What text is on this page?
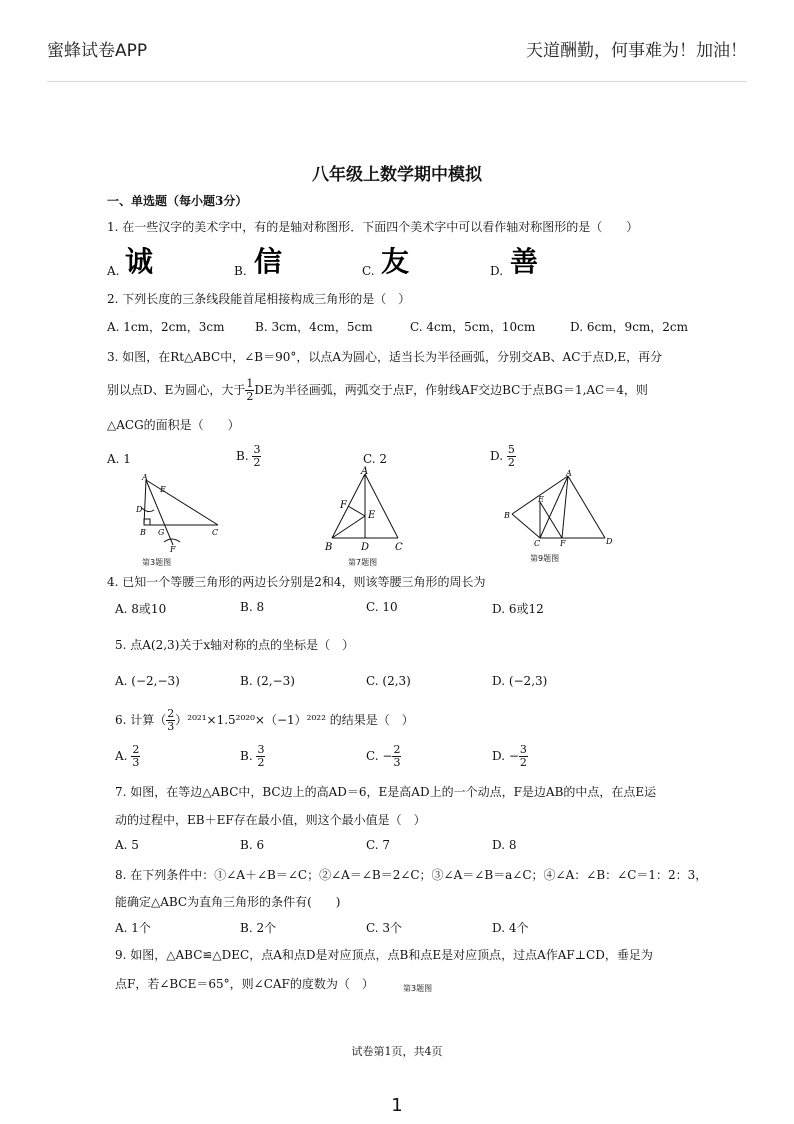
蜜蜂试卷APP	天道酬勤，何事难为！加油！
八年级上数学期中模拟
一、单选题（每小题3分）
1. 在一些汉字的美术字中，有的是轴对称图形．下面四个美术字中可以看作轴对称图形的是（　　）
A. 诚	B. 信	C. 友	D. 善
2. 下列长度的三条线段能首尾相接构成三角形的是（　）
A. 1cm，2cm，3cm	B. 3cm，4cm，5cm	C. 4cm，5cm，10cm	D. 6cm，9cm，2cm
3. 如图，在Rt△ABC中，∠B＝90°，以点A为圆心，适当长为半径画弧，分别交AB、AC于点D,E，再分
别以点D、E为圆心，大于 $\frac{1}{2}$ DE为半径画弧，两弧交于点F，作射线AF交边BC于点BG＝1,AC＝4，则
△ACG的面积是（　　）
A. 1	B. $\frac{3}{2}$	C. 2	D. $\frac{5}{2}$
A
E
D
B G	C
F
第3题图
A
F
E
B	D	C
第7题图
A
E
B
C F	D
第9题图
4. 已知一个等腰三角形的两边长分别是2和4，则该等腰三角形的周长为
A. 8或10	B. 8	C. 10	D. 6或12
5. 点A(2,3)关于x轴对称的点的坐标是（　）
A. (−2,−3)	B. (2,−3)	C. (2,3)	D. (−2,3)
6. 计算（ $\frac{2}{3} )^{2021}\times 1.5^{2020}\times(-1)^{2022}$ 的结果是（　）
A. $\frac{2}{3}$	B. $\frac{3}{2}$	C. − $\frac{2}{3}$	D. − $\frac{3}{2}$
7. 如图，在等边△ABC中，BC边上的高AD＝6，E是高AD上的一个动点，F是边AB的中点，在点E运
动的过程中，EB＋EF存在最小值，则这个最小值是（　）
A. 5	B. 6	C. 7	D. 8
8. 在下列条件中：①∠A＋∠B＝∠C；②∠A＝∠B＝2∠C；③∠A＝∠B＝a∠C；④∠A：∠B：∠C＝1：2：3，
能确定△ABC为直角三角形的条件有(　　)
A. 1个	B. 2个	C. 3个	D. 4个
9. 如图，△ABC≌△DEC，点A和点D是对应顶点，点B和点E是对应顶点，过点A作AF⊥CD，垂足为
点F，若∠BCE＝65°，则∠CAF的度数为（　）	第3题图
试卷第1页，共4页
1
